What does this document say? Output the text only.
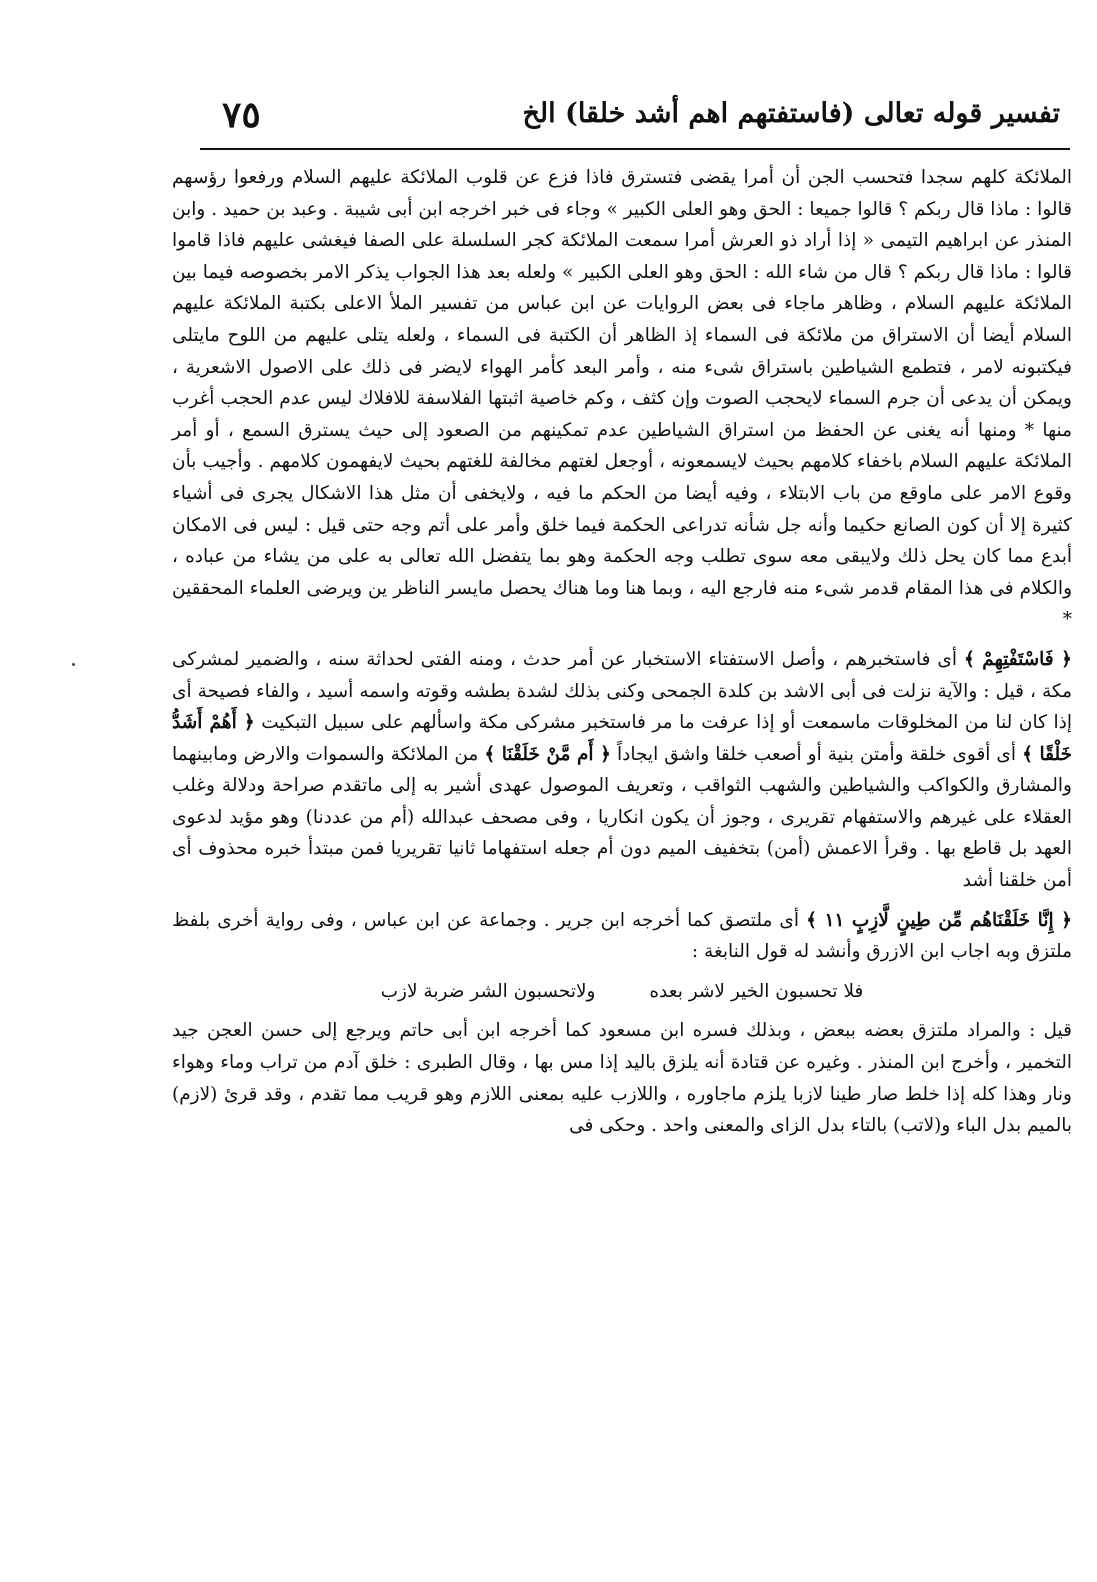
تفسير قوله تعالى (فاستفتهم اهم أشد خلقا) الخ
٧٥

الملائكة كلهم سجدا فتحسب الجن أن أمرا يقضى فتسترق فاذا فزع عن قلوب الملائكة عليهم السلام ورفعوا رؤسهم قالوا : ماذا قال ربكم ؟ قالوا جميعا : الحق وهو العلى الكبير » وجاء فى خبر اخرجه ابن أبى شيبة . وعبد بن حميد . وابن المنذر عن ابراهيم التيمى « إذا أراد ذو العرش أمرا سمعت الملائكة كجر السلسلة على الصفا فيغشى عليهم فاذا قاموا قالوا : ماذا قال ربكم ؟ قال من شاء الله : الحق وهو العلى الكبير » ولعله بعد هذا الجواب يذكر الامر بخصوصه فيما بين الملائكة عليهم السلام ، وظاهر ماجاء فى بعض الروايات عن ابن عباس من تفسير الملأ الاعلى بكتبة الملائكة عليهم السلام أيضا أن الاستراق من ملائكة فى السماء إذ الظاهر أن الكتبة فى السماء ، ولعله يتلى عليهم من اللوح مايتلى فيكتبونه لامر ، فتطمع الشياطين باستراق شىء منه ، وأمر البعد كأمر الهواء لايضر فى ذلك على الاصول الاشعرية ، ويمكن أن يدعى أن جرم السماء لايحجب الصوت وإن كثف ، وكم خاصية اثبتها الفلاسفة للافلاك ليس عدم الحجب أغرب منها * ومنها أنه يغنى عن الحفظ من استراق الشياطين عدم تمكينهم من الصعود إلى حيث يسترق السمع ، أو أمر الملائكة عليهم السلام باخفاء كلامهم بحيث لايسمعونه ، أوجعل لغتهم مخالفة للغتهم بحيث لايفهمون كلامهم . وأجيب بأن وقوع الامر على ماوقع من باب الابتلاء ، وفيه أيضا من الحكم ما فيه ، ولايخفى أن مثل هذا الاشكال يجرى فى أشياء كثيرة إلا أن كون الصانع حكيما وأنه جل شأنه تدراعى الحكمة فيما خلق وأمر على أتم وجه حتى قيل : ليس فى الامكان أبدع مما كان يحل ذلك ولايبقى معه سوى تطلب وجه الحكمة وهو بما يتفضل الله تعالى به على من يشاء من عباده ، والكلام فى هذا المقام قدمر شىء منه فارجع اليه ، وبما هنا وما هناك يحصل مايسر الناظر ين ويرضى العلماء المحققين *

﴿ فَاسْتَفْتِهِمْ ﴾ أى فاستخبرهم ، وأصل الاستفتاء الاستخبار عن أمر حدث ، ومنه الفتى لحداثة سنه ، والضمير لمشركى مكة ، قيل : والآية نزلت فى أبى الاشد بن كلدة الجمحى وكنى بذلك لشدة بطشه وقوته واسمه أسيد ، والفاء فصيحة أى إذا كان لنا من المخلوقات ماسمعت أو إذا عرفت ما مر فاستخبر مشركى مكة واسألهم على سبيل التبكيت ﴿ أَهُمْ أَشَدُّ خَلْقًا ﴾ أى أقوى خلقة وأمتن بنية أو أصعب خلقا واشق ايجاداً ﴿ أَم مَّنْ خَلَقْنَا ﴾ من الملائكة والسموات والارض ومابينهما والمشارق والكواكب والشياطين والشهب الثواقب ، وتعريف الموصول عهدى أشير به إلى ماتقدم صراحة ودلالة وغلب العقلاء على غيرهم والاستفهام تقريرى ، وجوز أن يكون انكاريا ، وفى مصحف عبدالله (أم من عددنا) وهو مؤيد لدعوى العهد بل قاطع بها . وقرأ الاعمش (أمن) بتخفيف الميم دون أم جعله استفهاما ثانيا تقريريا فمن مبتدأ خبره محذوف أى أمن خلقنا أشد

﴿ إِنَّا خَلَقْنَاهُم مِّن طِينٍ لَّازِبٍ ١١ ﴾ أى ملتصق كما أخرجه ابن جرير . وجماعة عن ابن عباس ، وفى رواية أخرى بلفظ ملتزق وبه اجاب ابن الازرق وأنشد له قول النابغة :

فلا تحسبون الخير لاشر بعده ولاتحسبون الشر ضربة لازب

قيل : والمراد ملتزق بعضه ببعض ، وبذلك فسره ابن مسعود كما أخرجه ابن أبى حاتم ويرجع إلى حسن العجن جيد التخمير ، وأخرج ابن المنذر . وغيره عن قتادة أنه يلزق باليد إذا مس بها ، وقال الطبرى : خلق آدم من تراب وماء وهواء ونار وهذا كله إذا خلط صار طينا لازبا يلزم ماجاوره ، واللازب عليه بمعنى اللازم وهو قريب مما تقدم ، وقد قرئ (لازم) بالميم بدل الباء و(لاتب) بالتاء بدل الزاى والمعنى واحد . وحكى فى
